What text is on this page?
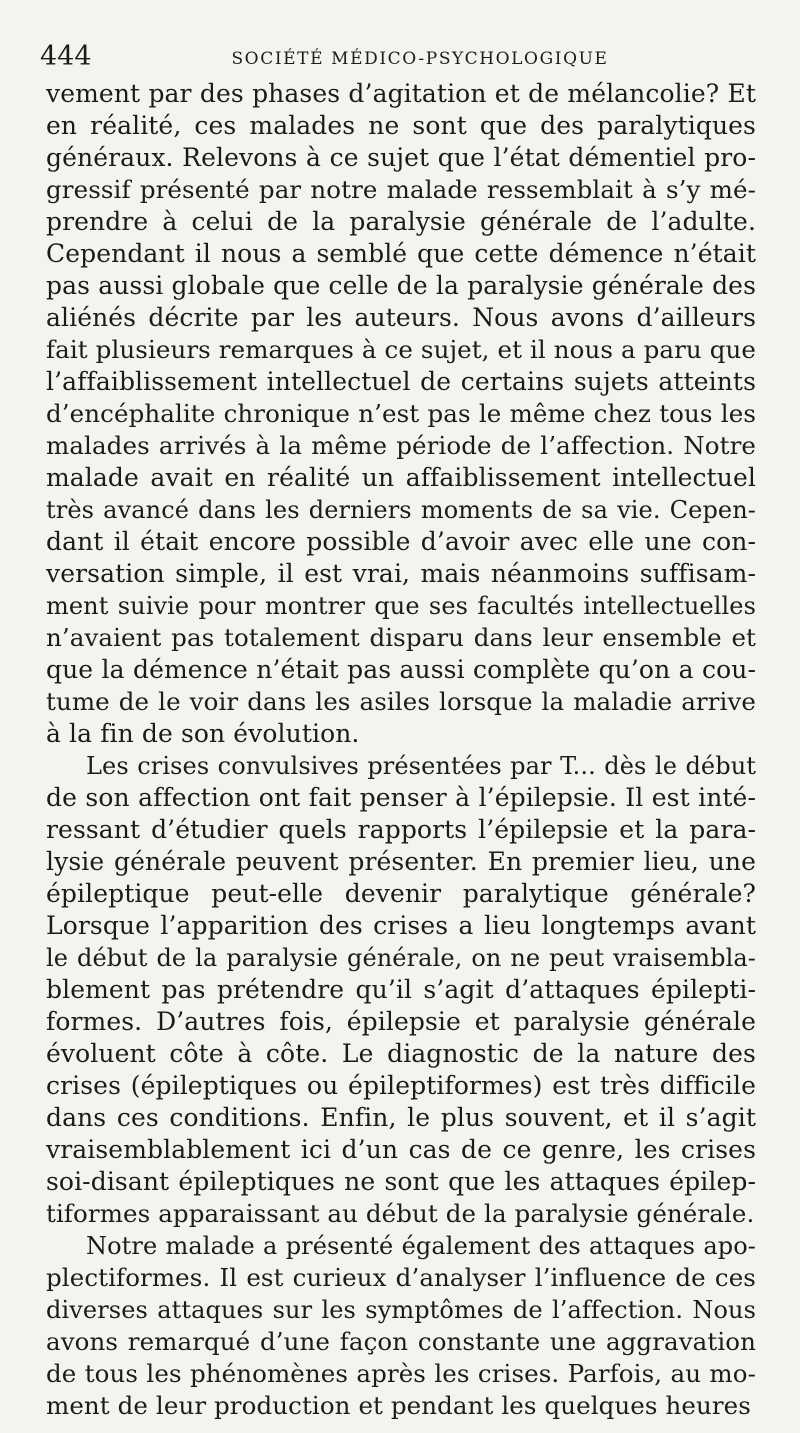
444	SOCIÉTÉ MÉDICO-PSYCHOLOGIQUE
vement par des phases d’agitation et de mélancolie? Et
en réalité, ces malades ne sont que des paralytiques
généraux. Relevons à ce sujet que l’état démentiel pro-
gressif présenté par notre malade ressemblait à s’y mé-
prendre à celui de la paralysie générale de l’adulte.
Cependant il nous a semblé que cette démence n’était
pas aussi globale que celle de la paralysie générale des
aliénés décrite par les auteurs. Nous avons d’ailleurs
fait plusieurs remarques à ce sujet, et il nous a paru que
l’affaiblissement intellectuel de certains sujets atteints
d’encéphalite chronique n’est pas le même chez tous les
malades arrivés à la même période de l’affection. Notre
malade avait en réalité un affaiblissement intellectuel
très avancé dans les derniers moments de sa vie. Cepen-
dant il était encore possible d’avoir avec elle une con-
versation simple, il est vrai, mais néanmoins suffisam-
ment suivie pour montrer que ses facultés intellectuelles
n’avaient pas totalement disparu dans leur ensemble et
que la démence n’était pas aussi complète qu’on a cou-
tume de le voir dans les asiles lorsque la maladie arrive
à la fin de son évolution.
Les crises convulsives présentées par T... dès le début
de son affection ont fait penser à l’épilepsie. Il est inté-
ressant d’étudier quels rapports l’épilepsie et la para-
lysie générale peuvent présenter. En premier lieu, une
épileptique peut-elle devenir paralytique générale?
Lorsque l’apparition des crises a lieu longtemps avant
le début de la paralysie générale, on ne peut vraisembla-
blement pas prétendre qu’il s’agit d’attaques épilepti-
formes. D’autres fois, épilepsie et paralysie générale
évoluent côte à côte. Le diagnostic de la nature des
crises (épileptiques ou épileptiformes) est très difficile
dans ces conditions. Enfin, le plus souvent, et il s’agit
vraisemblablement ici d’un cas de ce genre, les crises
soi-disant épileptiques ne sont que les attaques épilep-
tiformes apparaissant au début de la paralysie générale.
Notre malade a présenté également des attaques apo-
plectiformes. Il est curieux d’analyser l’influence de ces
diverses attaques sur les symptômes de l’affection. Nous
avons remarqué d’une façon constante une aggravation
de tous les phénomènes après les crises. Parfois, au mo-
ment de leur production et pendant les quelques heures
